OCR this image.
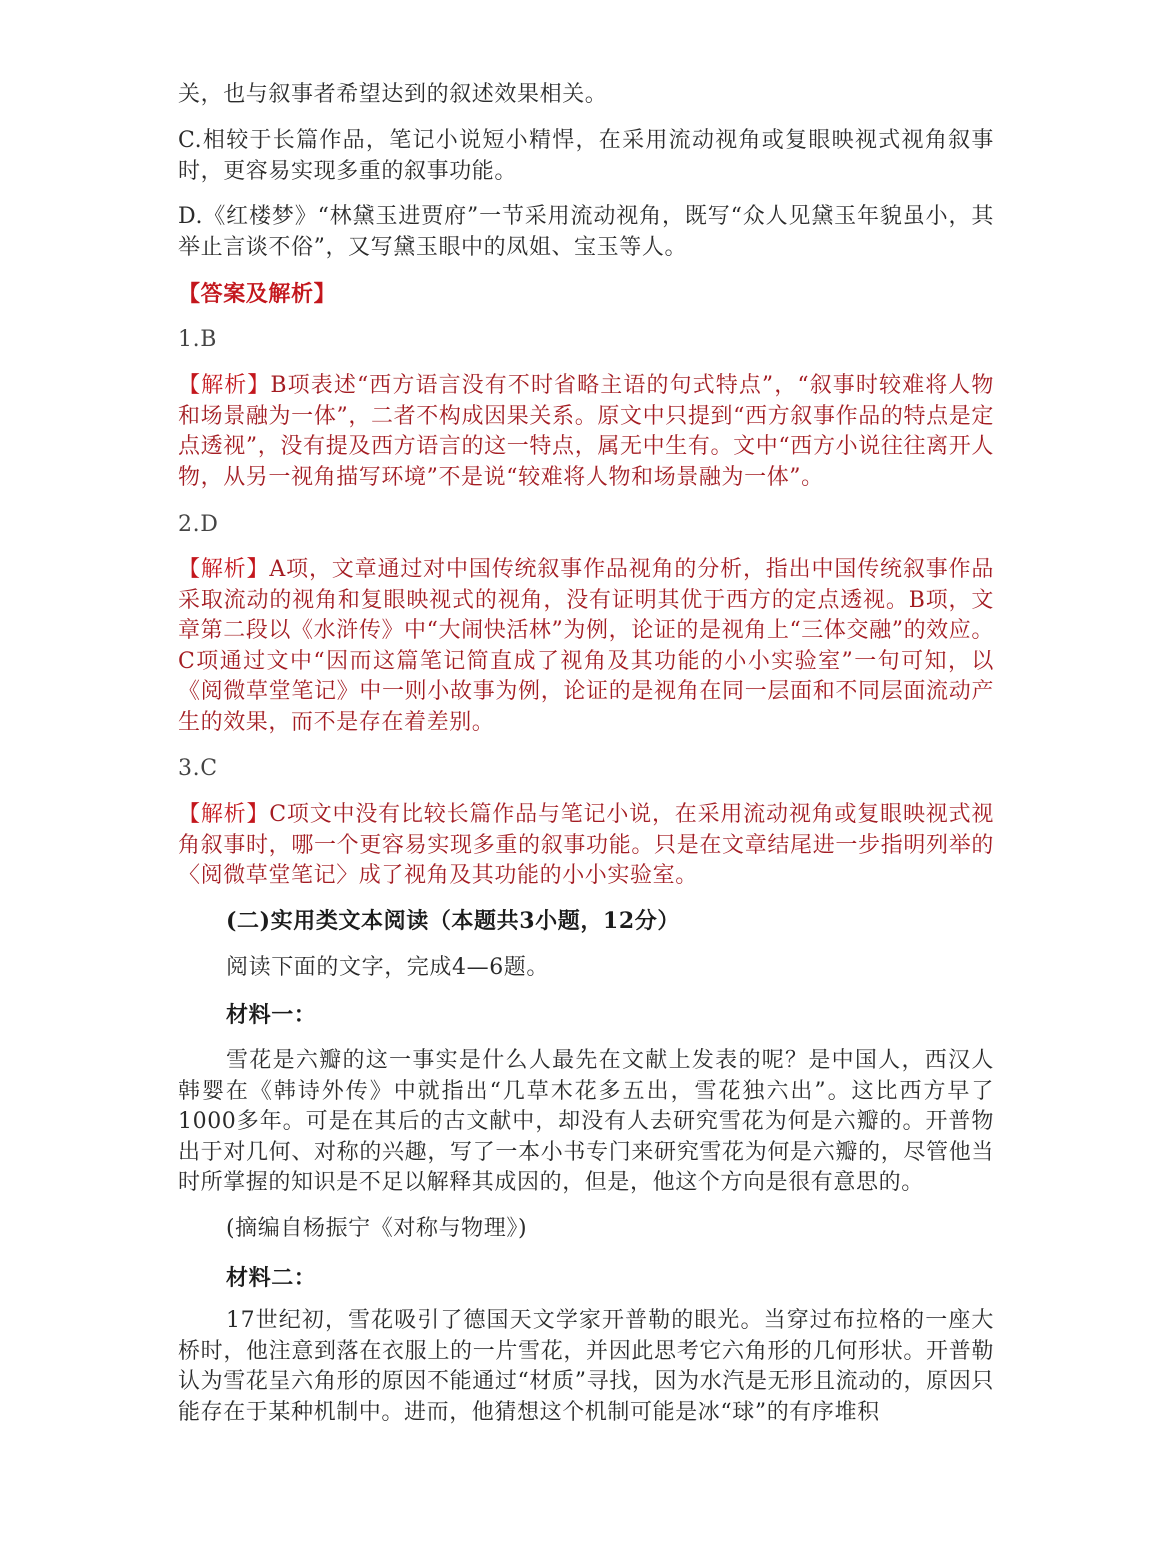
关，也与叙事者希望达到的叙述效果相关。

C.相较于长篇作品，笔记小说短小精悍，在采用流动视角或复眼映视式视角叙事时，更容易实现多重的叙事功能。

D.《红楼梦》“林黛玉进贾府”一节采用流动视角，既写“众人见黛玉年貌虽小，其举止言谈不俗”，又写黛玉眼中的凤姐、宝玉等人。

【答案及解析】

1.B

【解析】B项表述“西方语言没有不时省略主语的句式特点”，“叙事时较难将人物和场景融为一体”，二者不构成因果关系。原文中只提到“西方叙事作品的特点是定点透视”，没有提及西方语言的这一特点，属无中生有。文中“西方小说往往离开人物，从另一视角描写环境”不是说“较难将人物和场景融为一体”。

2.D

【解析】A项，文章通过对中国传统叙事作品视角的分析，指出中国传统叙事作品采取流动的视角和复眼映视式的视角，没有证明其优于西方的定点透视。B项，文章第二段以《水浒传》中“大闹快活林”为例，论证的是视角上“三体交融”的效应。C项通过文中“因而这篇笔记简直成了视角及其功能的小小实验室”一句可知，以《阅微草堂笔记》中一则小故事为例，论证的是视角在同一层面和不同层面流动产生的效果，而不是存在着差别。

3.C

【解析】C项文中没有比较长篇作品与笔记小说，在采用流动视角或复眼映视式视角叙事时，哪一个更容易实现多重的叙事功能。只是在文章结尾进一步指明列举的〈阅微草堂笔记〉成了视角及其功能的小小实验室。

(二)实用类文本阅读（本题共3小题，12分）

阅读下面的文字，完成4—6题。

材料一：

雪花是六瓣的这一事实是什么人最先在文献上发表的呢？是中国人，西汉人韩婴在《韩诗外传》中就指出“几草木花多五出，雪花独六出”。这比西方早了1000多年。可是在其后的古文献中，却没有人去研究雪花为何是六瓣的。开普物出于对几何、对称的兴趣，写了一本小书专门来研究雪花为何是六瓣的，尽管他当时所掌握的知识是不足以解释其成因的，但是，他这个方向是很有意思的。

(摘编自杨振宁《对称与物理》)

材料二：

17世纪初，雪花吸引了德国天文学家开普勒的眼光。当穿过布拉格的一座大桥时，他注意到落在衣服上的一片雪花，并因此思考它六角形的几何形状。开普勒认为雪花呈六角形的原因不能通过“材质”寻找，因为水汽是无形且流动的，原因只能存在于某种机制中。进而，他猜想这个机制可能是冰“球”的有序堆积
